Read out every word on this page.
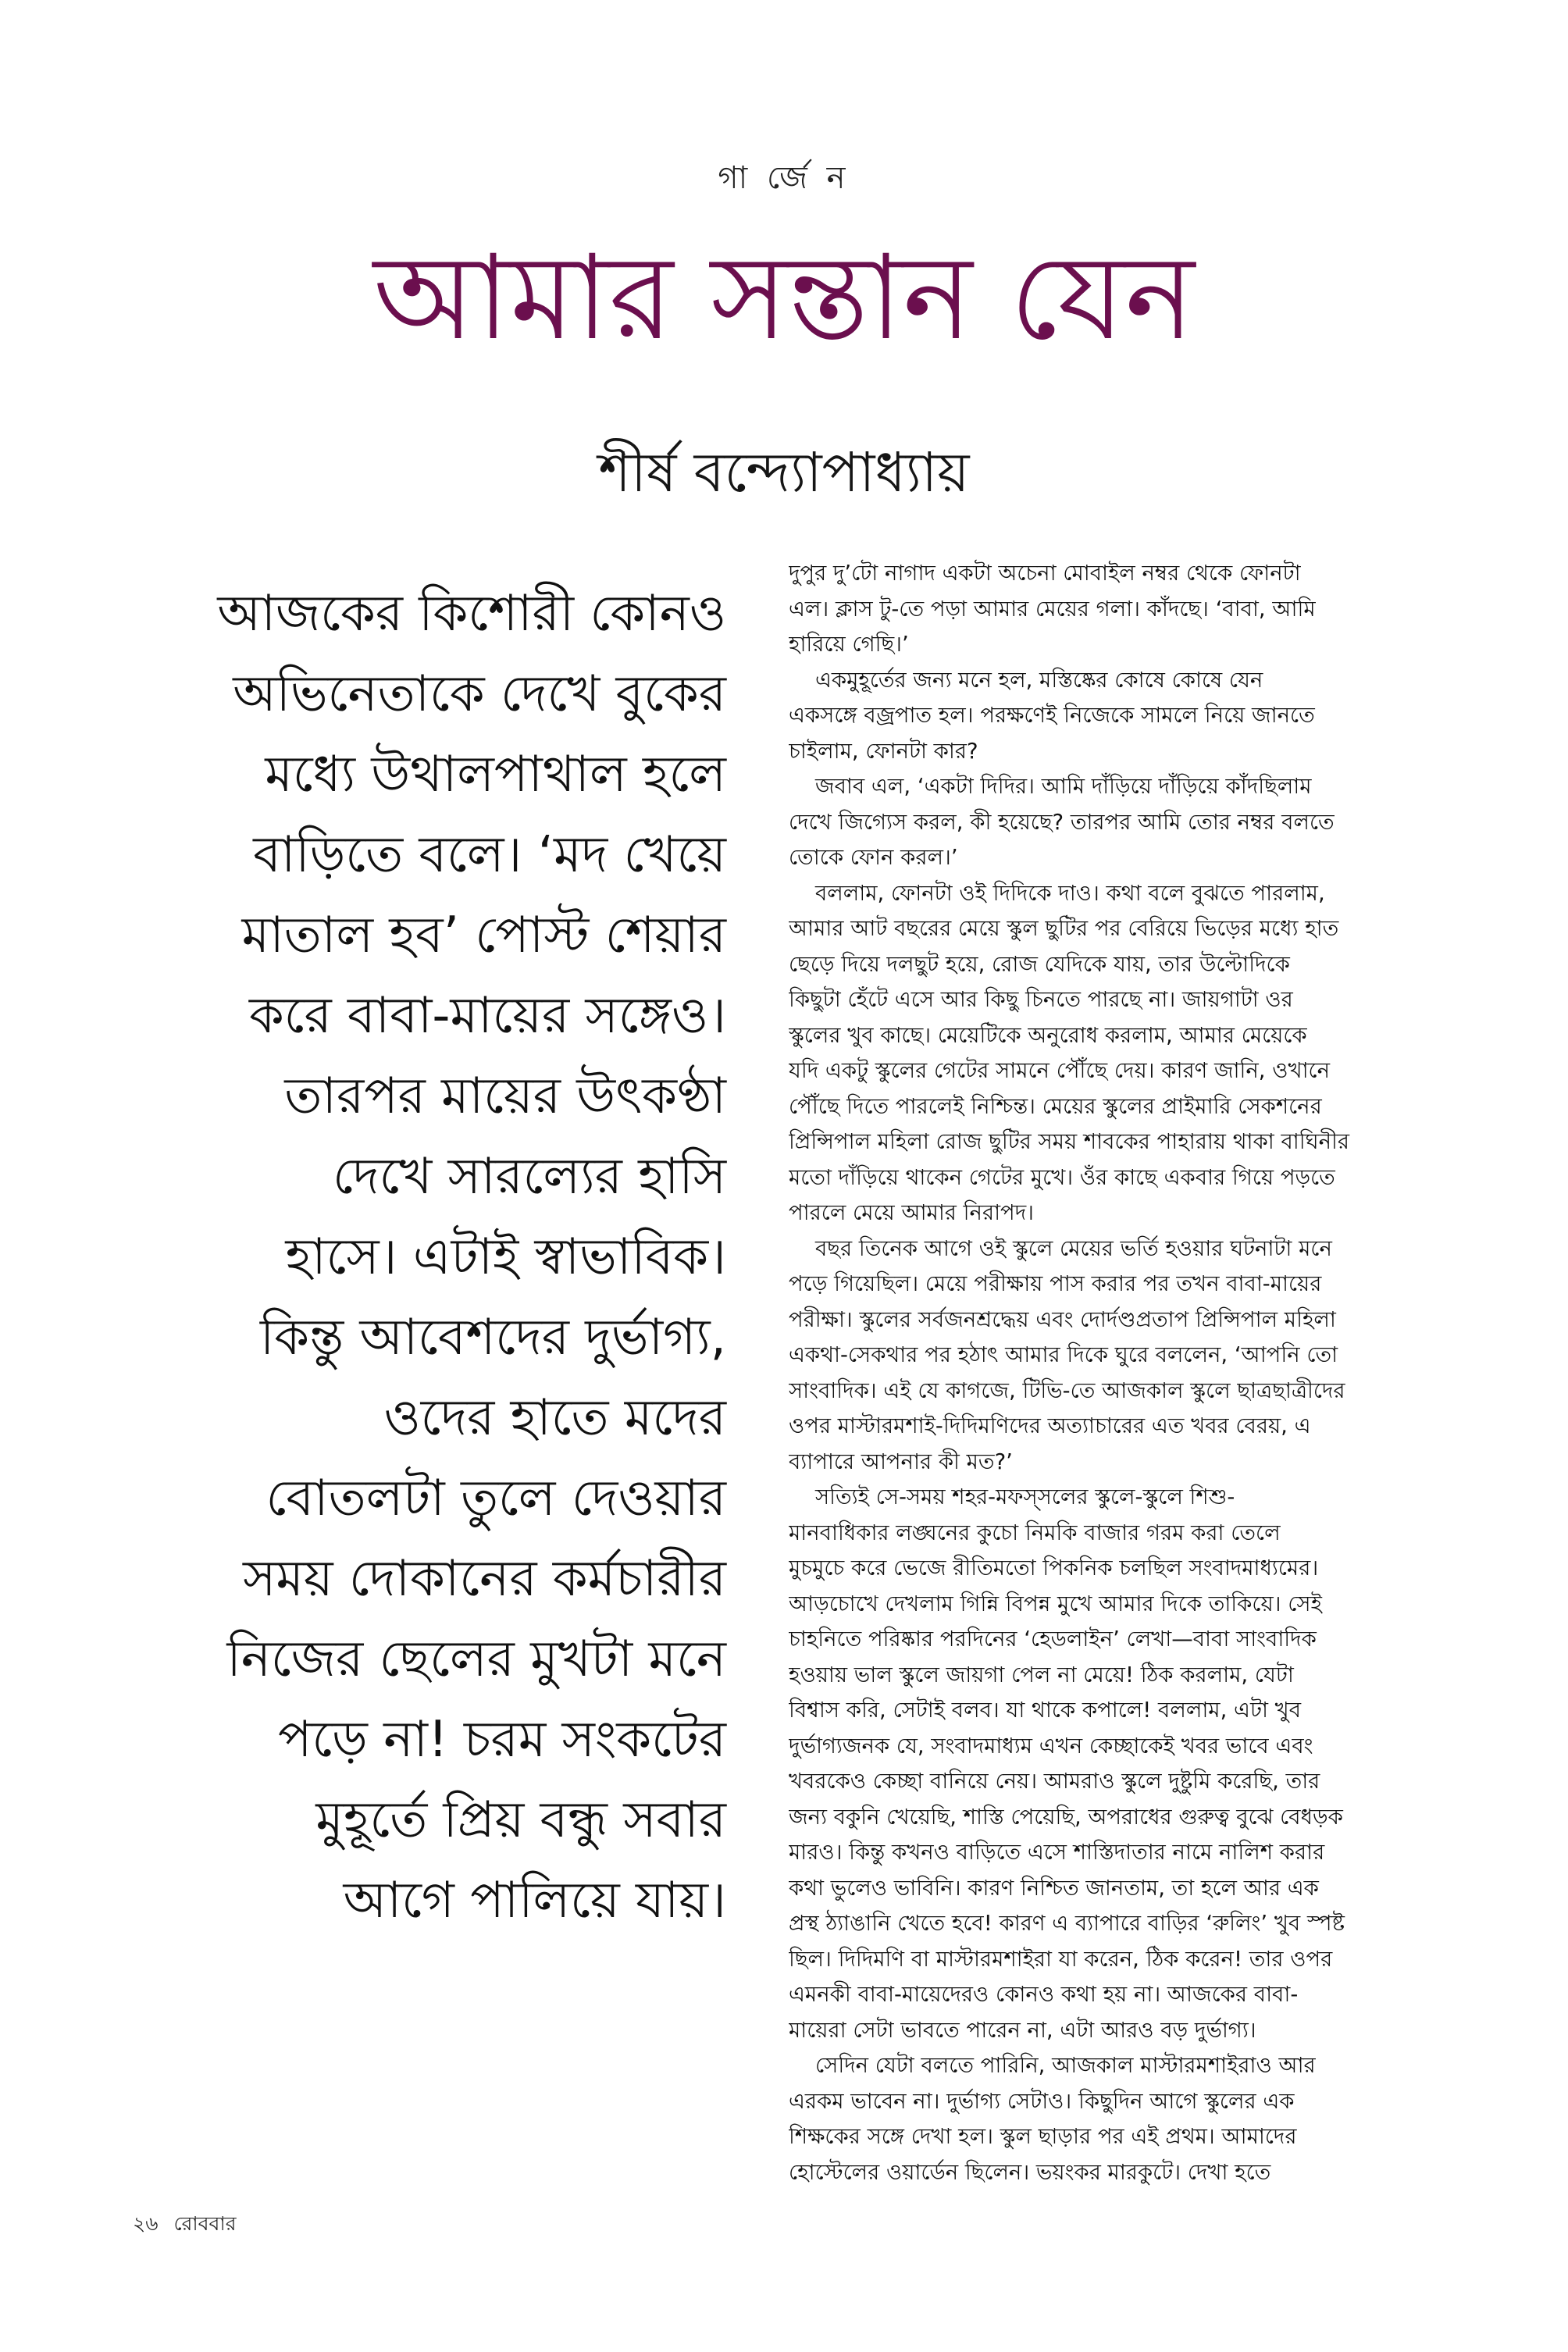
গা র্জে ন
আমার সন্তান যেন
শীর্ষ বন্দ্যোপাধ্যায়
আজকের কিশোরী কোনও
অভিনেতাকে দেখে বুকের
মধ্যে উথালপাথাল হলে
বাড়িতে বলে। ‘মদ খেয়ে
মাতাল হব’ পোস্ট শেয়ার
করে বাবা-মায়ের সঙ্গেও।
তারপর মায়ের উৎকণ্ঠা
দেখে সারল্যের হাসি
হাসে। এটাই স্বাভাবিক।
কিন্তু আবেশদের দুর্ভাগ্য,
ওদের হাতে মদের
বোতলটা তুলে দেওয়ার
সময় দোকানের কর্মচারীর
নিজের ছেলের মুখটা মনে
পড়ে না! চরম সংকটের
মুহূর্তে প্রিয় বন্ধু সবার
আগে পালিয়ে যায়।
দুপুর দু’টো নাগাদ একটা অচেনা মোবাইল নম্বর থেকে ফোনটা
এল। ক্লাস টু-তে পড়া আমার মেয়ের গলা। কাঁদছে। ‘বাবা, আমি
হারিয়ে গেছি।’
একমুহূর্তের জন্য মনে হল, মস্তিষ্কের কোষে কোষে যেন
একসঙ্গে বজ্রপাত হল। পরক্ষণেই নিজেকে সামলে নিয়ে জানতে
চাইলাম, ফোনটা কার?
জবাব এল, ‘একটা দিদির। আমি দাঁড়িয়ে দাঁড়িয়ে কাঁদছিলাম
দেখে জিগ্যেস করল, কী হয়েছে? তারপর আমি তোর নম্বর বলতে
তোকে ফোন করল।’
বললাম, ফোনটা ওই দিদিকে দাও। কথা বলে বুঝতে পারলাম,
আমার আট বছরের মেয়ে স্কুল ছুটির পর বেরিয়ে ভিড়ের মধ্যে হাত
ছেড়ে দিয়ে দলছুট হয়ে, রোজ যেদিকে যায়, তার উল্টোদিকে
কিছুটা হেঁটে এসে আর কিছু চিনতে পারছে না। জায়গাটা ওর
স্কুলের খুব কাছে। মেয়েটিকে অনুরোধ করলাম, আমার মেয়েকে
যদি একটু স্কুলের গেটের সামনে পৌঁছে দেয়। কারণ জানি, ওখানে
পৌঁছে দিতে পারলেই নিশ্চিন্ত। মেয়ের স্কুলের প্রাইমারি সেকশনের
প্রিন্সিপাল মহিলা রোজ ছুটির সময় শাবকের পাহারায় থাকা বাঘিনীর
মতো দাঁড়িয়ে থাকেন গেটের মুখে। ওঁর কাছে একবার গিয়ে পড়তে
পারলে মেয়ে আমার নিরাপদ।
বছর তিনেক আগে ওই স্কুলে মেয়ের ভর্তি হওয়ার ঘটনাটা মনে
পড়ে গিয়েছিল। মেয়ে পরীক্ষায় পাস করার পর তখন বাবা-মায়ের
পরীক্ষা। স্কুলের সর্বজনশ্রদ্ধেয় এবং দোর্দণ্ডপ্রতাপ প্রিন্সিপাল মহিলা
একথা-সেকথার পর হঠাৎ আমার দিকে ঘুরে বললেন, ‘আপনি তো
সাংবাদিক। এই যে কাগজে, টিভি-তে আজকাল স্কুলে ছাত্রছাত্রীদের
ওপর মাস্টারমশাই-দিদিমণিদের অত্যাচারের এত খবর বেরয়, এ
ব্যাপারে আপনার কী মত?’
সত্যিই সে-সময় শহর-মফস্সলের স্কুলে-স্কুলে শিশু-
মানবাধিকার লঙ্ঘনের কুচো নিমকি বাজার গরম করা তেলে
মুচমুচে করে ভেজে রীতিমতো পিকনিক চলছিল সংবাদমাধ্যমের।
আড়চোখে দেখলাম গিন্নি বিপন্ন মুখে আমার দিকে তাকিয়ে। সেই
চাহনিতে পরিষ্কার পরদিনের ‘হেডলাইন’ লেখা—বাবা সাংবাদিক
হওয়ায় ভাল স্কুলে জায়গা পেল না মেয়ে! ঠিক করলাম, যেটা
বিশ্বাস করি, সেটাই বলব। যা থাকে কপালে! বললাম, এটা খুব
দুর্ভাগ্যজনক যে, সংবাদমাধ্যম এখন কেচ্ছাকেই খবর ভাবে এবং
খবরকেও কেচ্ছা বানিয়ে নেয়। আমরাও স্কুলে দুষ্টুমি করেছি, তার
জন্য বকুনি খেয়েছি, শাস্তি পেয়েছি, অপরাধের গুরুত্ব বুঝে বেধড়ক
মারও। কিন্তু কখনও বাড়িতে এসে শাস্তিদাতার নামে নালিশ করার
কথা ভুলেও ভাবিনি। কারণ নিশ্চিত জানতাম, তা হলে আর এক
প্রস্থ ঠ্যাঙানি খেতে হবে! কারণ এ ব্যাপারে বাড়ির ‘রুলিং’ খুব স্পষ্ট
ছিল। দিদিমণি বা মাস্টারমশাইরা যা করেন, ঠিক করেন! তার ওপর
এমনকী বাবা-মায়েদেরও কোনও কথা হয় না। আজকের বাবা-
মায়েরা সেটা ভাবতে পারেন না, এটা আরও বড় দুর্ভাগ্য।
সেদিন যেটা বলতে পারিনি, আজকাল মাস্টারমশাইরাও আর
এরকম ভাবেন না। দুর্ভাগ্য সেটাও। কিছুদিন আগে স্কুলের এক
শিক্ষকের সঙ্গে দেখা হল। স্কুল ছাড়ার পর এই প্রথম। আমাদের
হোস্টেলের ওয়ার্ডেন ছিলেন। ভয়ংকর মারকুটে। দেখা হতে
২৬ রোববার
